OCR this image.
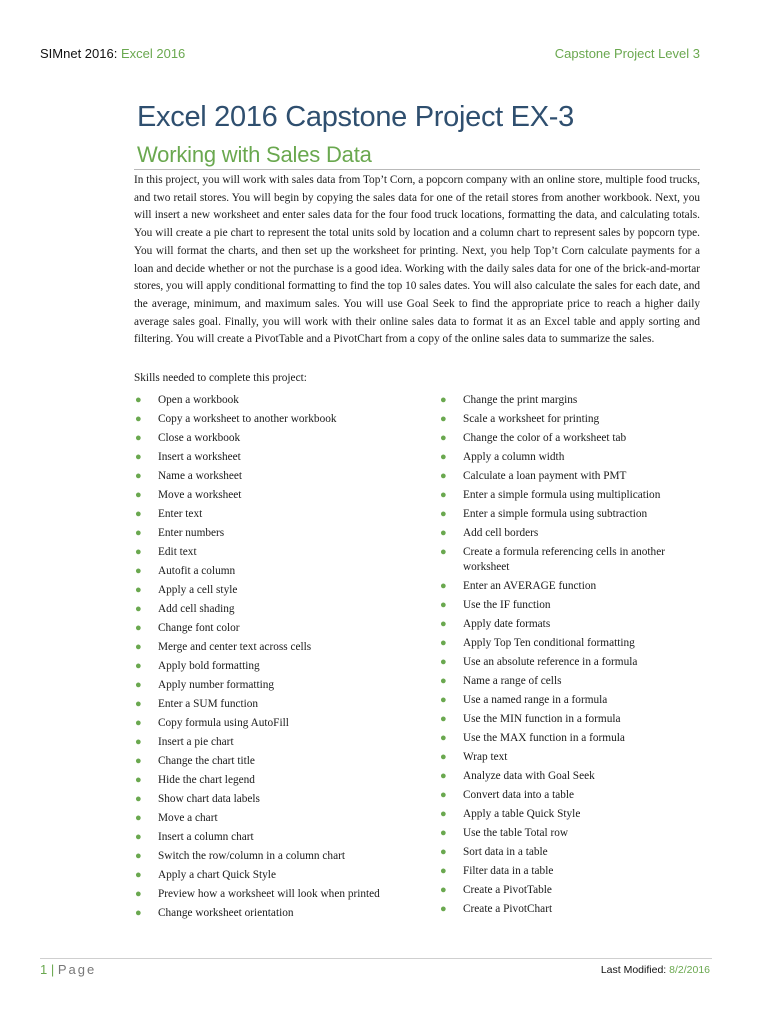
SIMnet 2016: Excel 2016	Capstone Project Level 3
Excel 2016 Capstone Project EX-3
Working with Sales Data

In this project, you will work with sales data from Top’t Corn, a popcorn company with an online store, multiple food trucks, and two retail stores. You will begin by copying the sales data for one of the retail stores from another workbook. Next, you will insert a new worksheet and enter sales data for the four food truck locations, formatting the data, and calculating totals. You will create a pie chart to represent the total units sold by location and a column chart to represent sales by popcorn type. You will format the charts, and then set up the worksheet for printing. Next, you help Top’t Corn calculate payments for a loan and decide whether or not the purchase is a good idea. Working with the daily sales data for one of the brick-and-mortar stores, you will apply conditional formatting to find the top 10 sales dates. You will also calculate the sales for each date, and the average, minimum, and maximum sales. You will use Goal Seek to find the appropriate price to reach a higher daily average sales goal. Finally, you will work with their online sales data to format it as an Excel table and apply sorting and filtering. You will create a PivotTable and a PivotChart from a copy of the online sales data to summarize the sales.

Skills needed to complete this project:
● Open a workbook
● Copy a worksheet to another workbook
● Close a workbook
● Insert a worksheet
● Name a worksheet
● Move a worksheet
● Enter text
● Enter numbers
● Edit text
● Autofit a column
● Apply a cell style
● Add cell shading
● Change font color
● Merge and center text across cells
● Apply bold formatting
● Apply number formatting
● Enter a SUM function
● Copy formula using AutoFill
● Insert a pie chart
● Change the chart title
● Hide the chart legend
● Show chart data labels
● Move a chart
● Insert a column chart
● Switch the row/column in a column chart
● Apply a chart Quick Style
● Preview how a worksheet will look when printed
● Change worksheet orientation
● Change the print margins
● Scale a worksheet for printing
● Change the color of a worksheet tab
● Apply a column width
● Calculate a loan payment with PMT
● Enter a simple formula using multiplication
● Enter a simple formula using subtraction
● Add cell borders
● Create a formula referencing cells in another worksheet
● Enter an AVERAGE function
● Use the IF function
● Apply date formats
● Apply Top Ten conditional formatting
● Use an absolute reference in a formula
● Name a range of cells
● Use a named range in a formula
● Use the MIN function in a formula
● Use the MAX function in a formula
● Wrap text
● Analyze data with Goal Seek
● Convert data into a table
● Apply a table Quick Style
● Use the table Total row
● Sort data in a table
● Filter data in a table
● Create a PivotTable
● Create a PivotChart
1 | Page	Last Modified: 8/2/2016
